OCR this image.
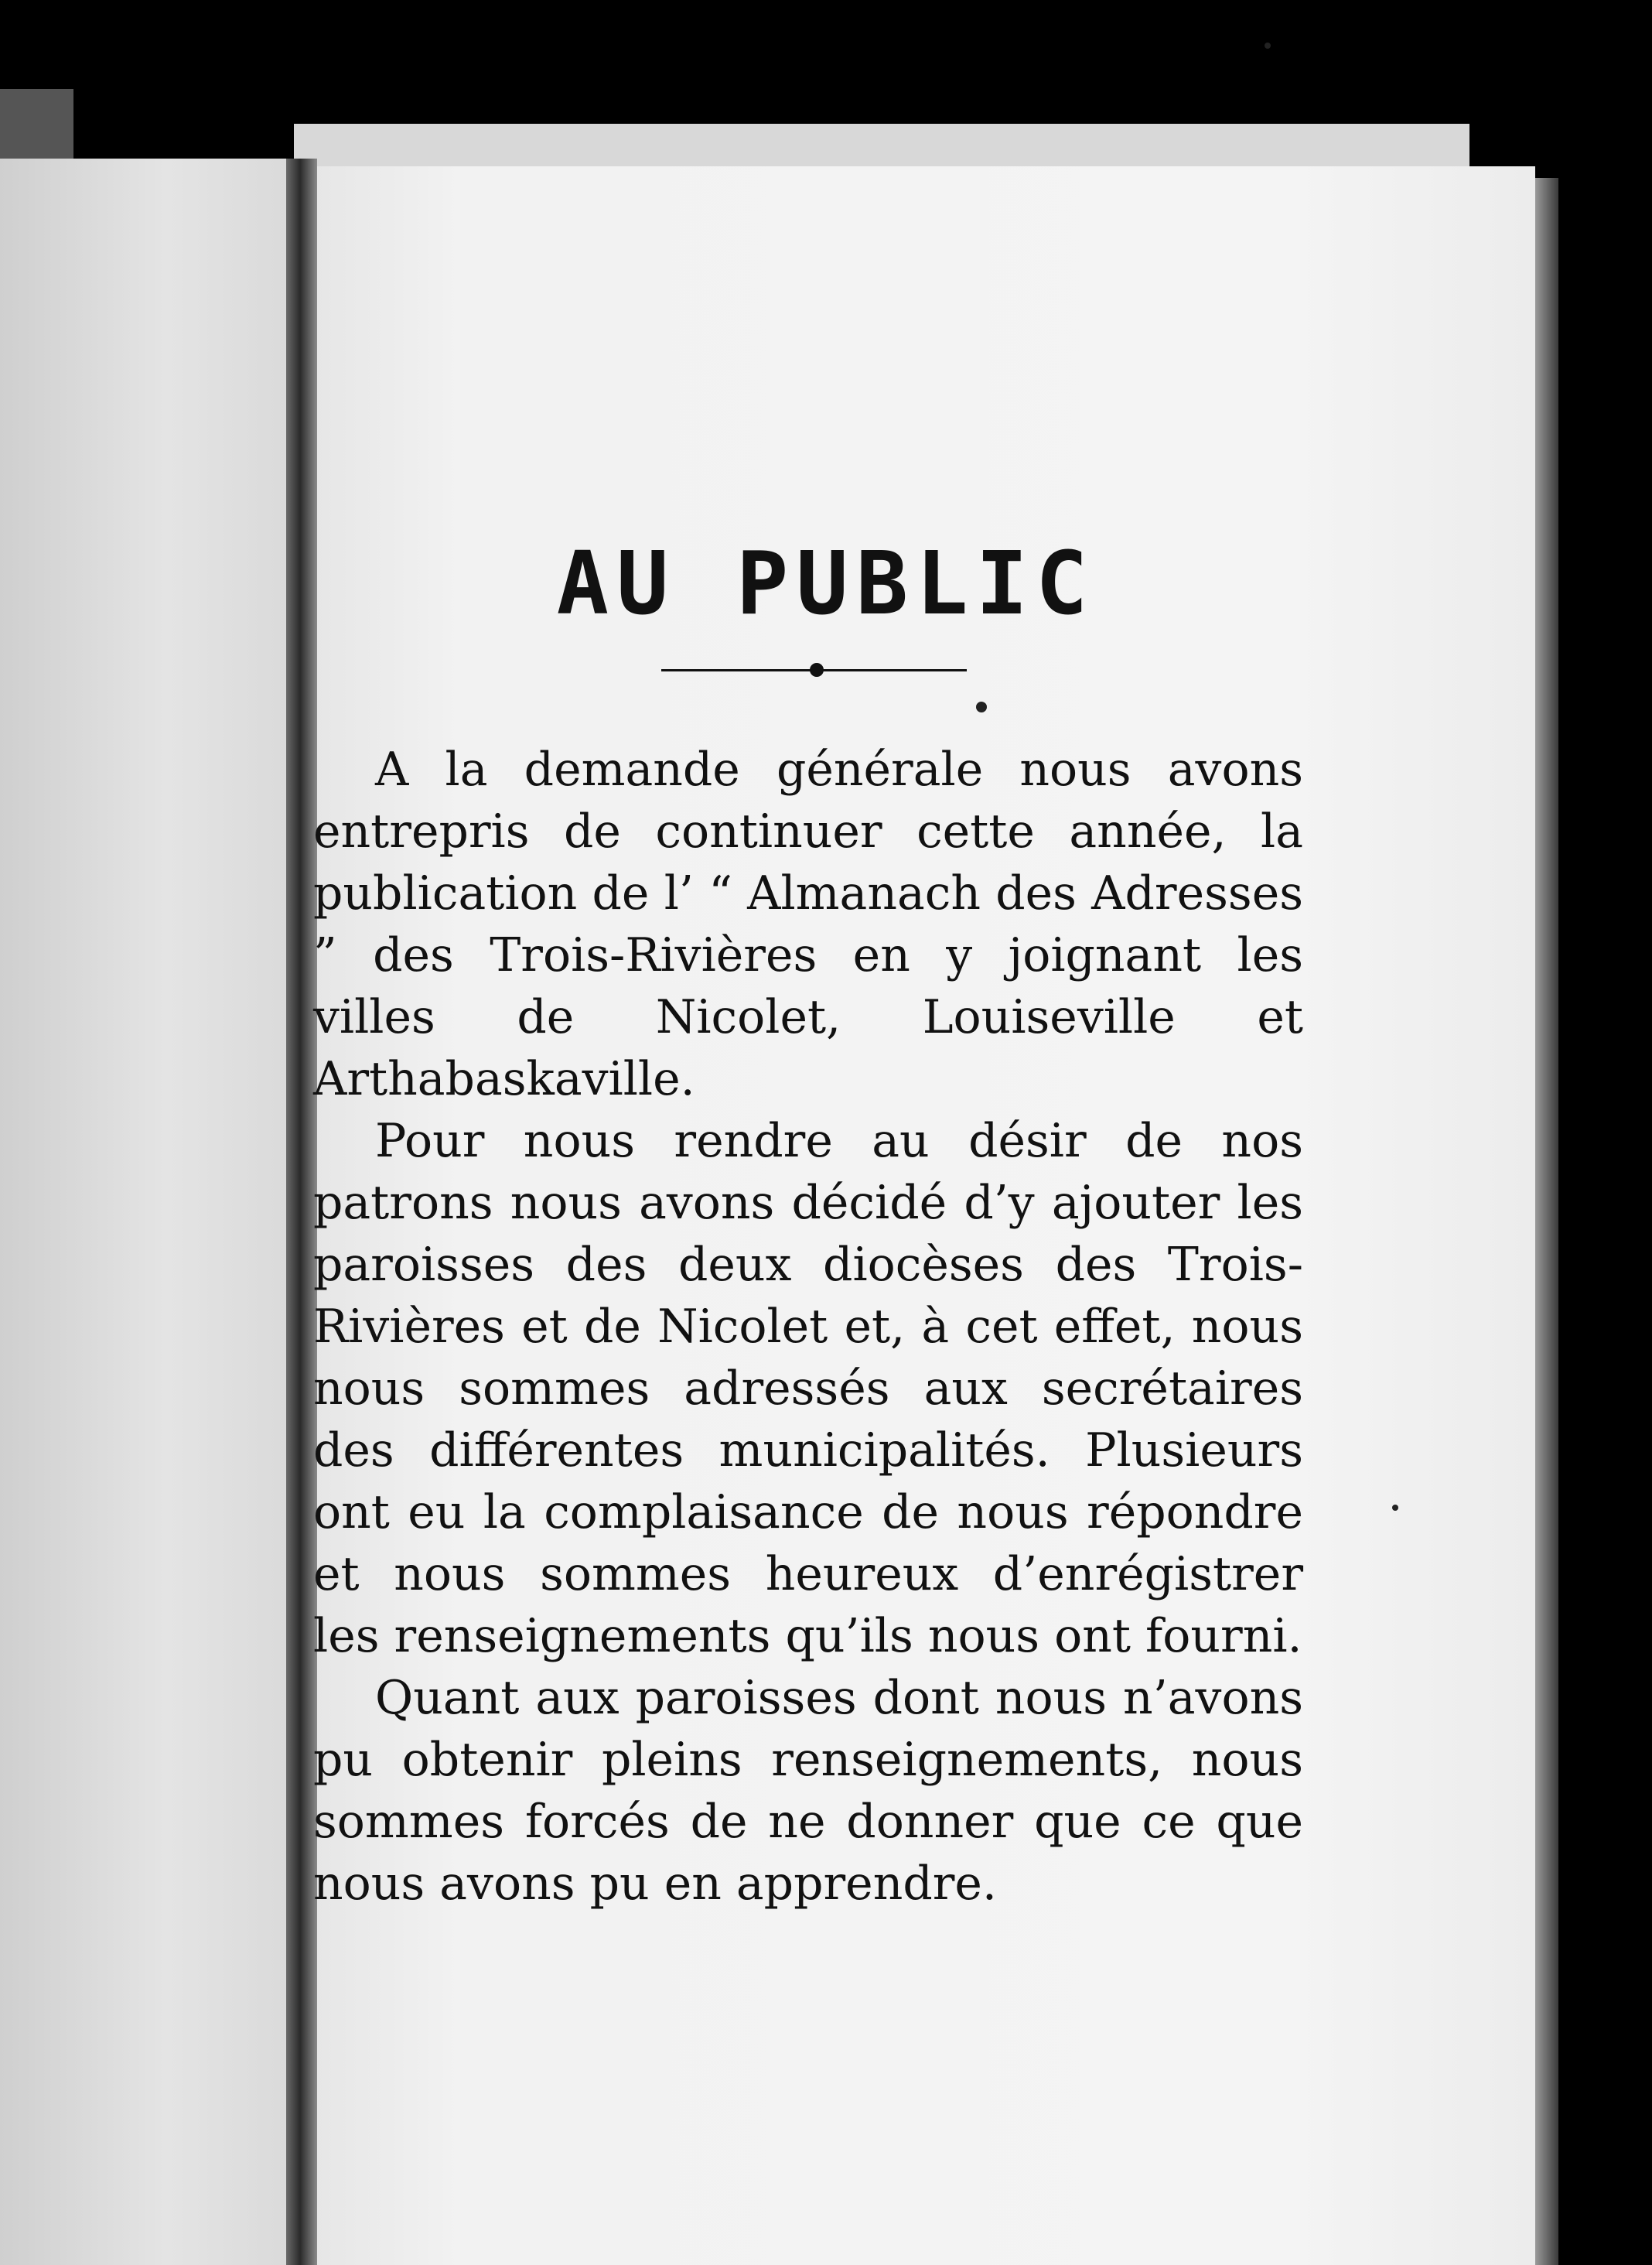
AU PUBLIC

A la demande générale nous avons entrepris de continuer cette année, la publication de l’ “ Almanach des Adresses ” des Trois-Rivières en y joignant les villes de Nicolet, Louiseville et Arthabaskaville.

Pour nous rendre au désir de nos patrons nous avons décidé d’y ajouter les paroisses des deux diocèses des Trois-Rivières et de Nicolet et, à cet effet, nous nous sommes adressés aux secrétaires des différentes municipalités. Plusieurs ont eu la complaisance de nous répondre et nous sommes heureux d’enrégistrer les renseignements qu’ils nous ont fourni.

Quant aux paroisses dont nous n’avons pu obtenir pleins renseignements, nous sommes forcés de ne donner que ce que nous avons pu en apprendre.
